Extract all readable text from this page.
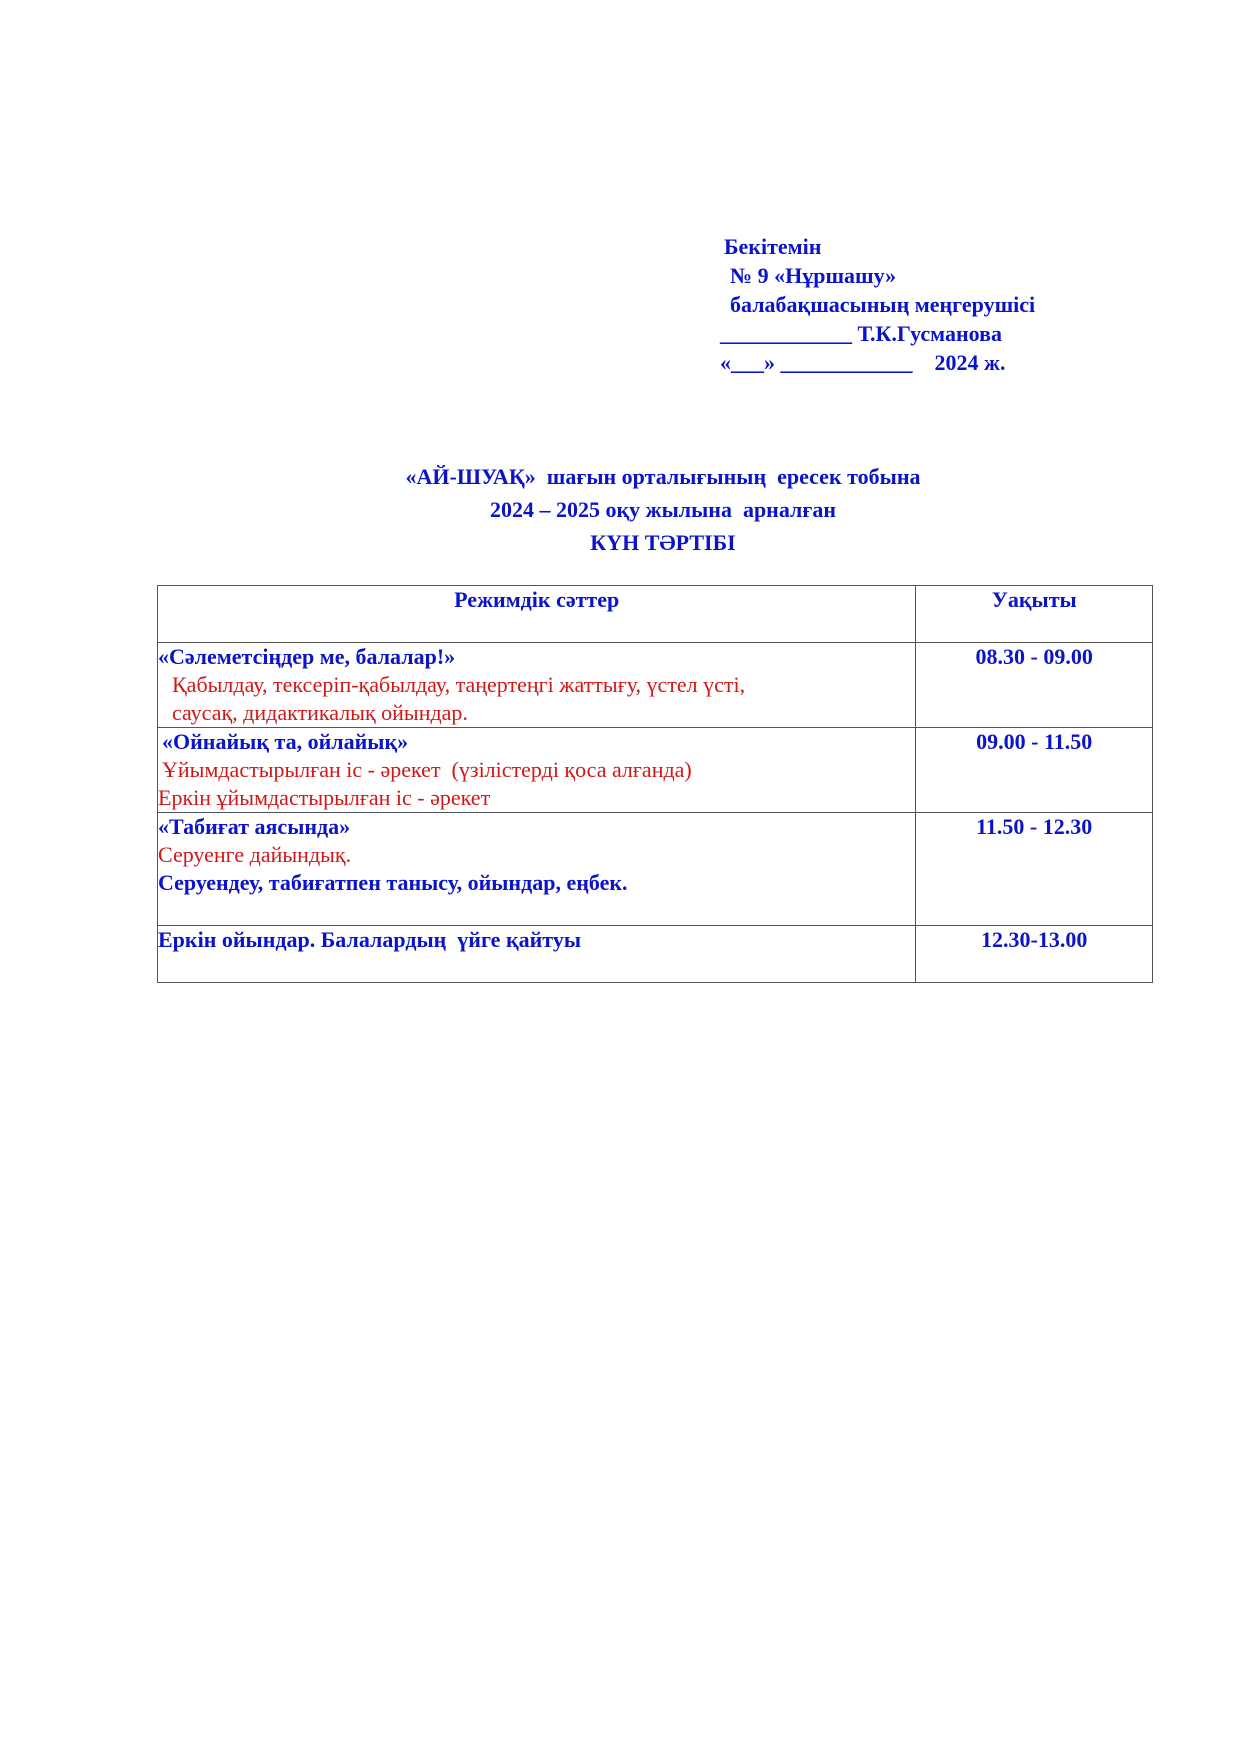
Бекітемін
№ 9 «Нұршашу»
балабақшасының меңгерушісі
____________ Т.К.Гусманова
«___» ____________    2024 ж.
«АЙ-ШУАҚ»  шағын орталығының  ересек тобына
2024 – 2025 оқу жылына  арналған
КҮН ТӘРТІБІ
Режимдік сәттер	Уақыты

«Сәлеметсіңдер ме, балалар!»
Қабылдау, тексеріп-қабылдау, таңертеңгі жаттығу, үстел үсті,
саусақ, дидактикалық ойындар.	08.30 - 09.00

«Ойнайық та, ойлайық»
Ұйымдастырылған іс - әрекет  (үзілістерді қоса алғанда)
Еркін ұйымдастырылған іс - әрекет	09.00 - 11.50

«Табиғат аясында»
Серуенге дайындық.
Серуендеу, табиғатпен танысу, ойындар, еңбек.	11.50 - 12.30

Еркін ойындар. Балалардың  үйге қайтуы	12.30-13.00
